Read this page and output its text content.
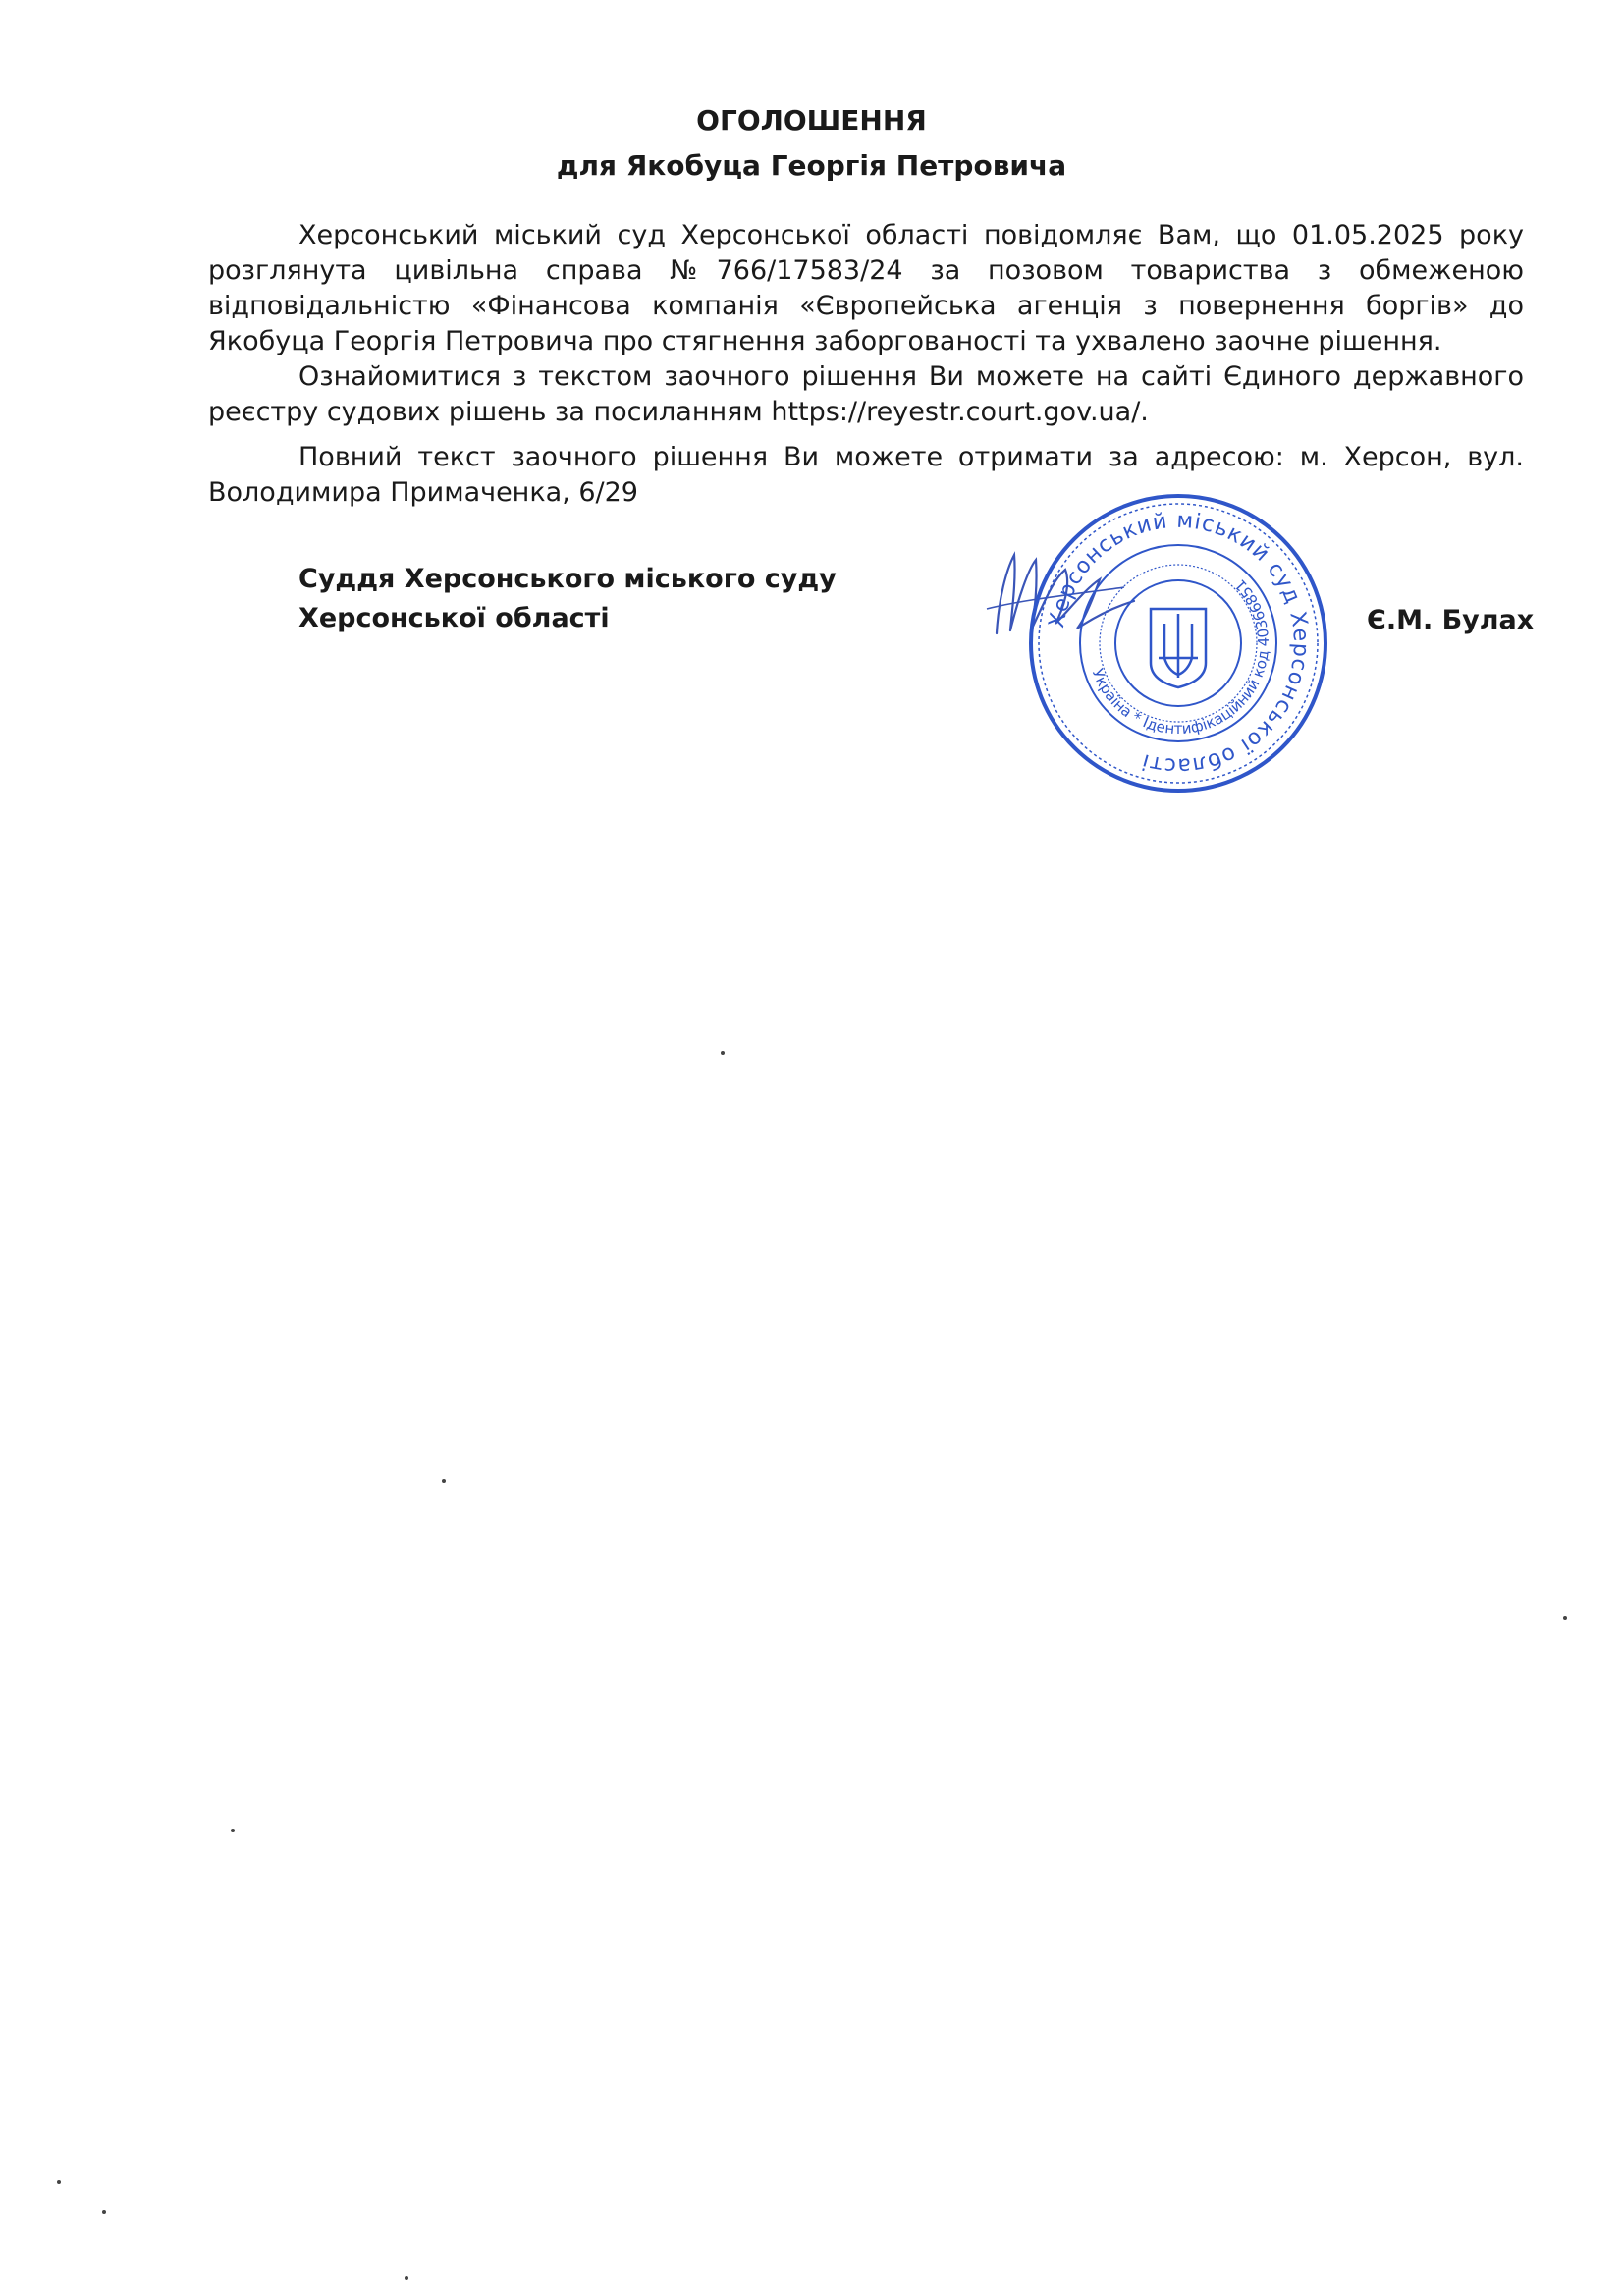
ОГОЛОШЕННЯ
для Якобуца Георгія Петровича

Херсонський міський суд Херсонської області повідомляє Вам, що 01.05.2025 року розглянута цивільна справа №766/17583/24 за позовом товариства з обмеженою відповідальністю «Фінансова компанія «Європейська агенція з повернення боргів» до Якобуца Георгія Петровича про стягнення заборгованості та ухвалено заочне рішення.

Ознайомитися з текстом заочного рішення Ви можете на сайті Єдиного державного реєстру судових рішень за посиланням https://reyestr.court.gov.ua/.

Повний текст заочного рішення Ви можете отримати за адресою: м. Херсон, вул. Володимира Примаченка, 6/29

Суддя Херсонського міського суду
Херсонської області	Є.М. Булах
Херсонський міський суд Херсонської області
Україна * Ідентифікаційний код 40366851
